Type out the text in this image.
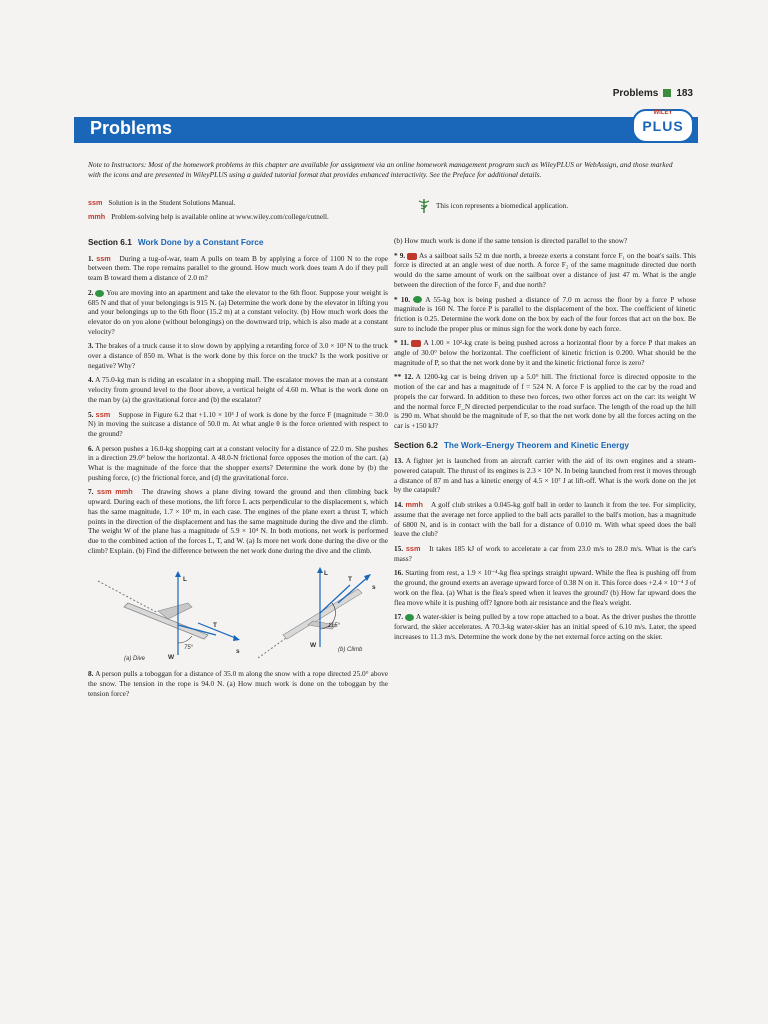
Problems 183
Problems
WILEY
PLUS
Note to Instructors: Most of the homework problems in this chapter are available for assignment via an online homework management program such as WileyPLUS or WebAssign, and those marked with the icons and are presented in WileyPLUS using a guided tutorial format that provides enhanced interactivity. See the Preface for additional details.
ssm Solution is in the Student Solutions Manual.
mmh Problem-solving help is available online at www.wiley.com/college/cutnell.
This icon represents a biomedical application.
Section 6.1 Work Done by a Constant Force
1. ssm During a tug-of-war, team A pulls on team B by applying a force of 1100 N to the rope between them. The rope remains parallel to the ground. How much work does team A do if they pull team B toward them a distance of 2.0 m?
2. You are moving into an apartment and take the elevator to the 6th floor. Suppose your weight is 685 N and that of your belongings is 915 N. (a) Determine the work done by the elevator in lifting you and your belongings up to the 6th floor (15.2 m) at a constant velocity. (b) How much work does the elevator do on you alone (without belongings) on the downward trip, which is also made at a constant velocity?
3. The brakes of a truck cause it to slow down by applying a retarding force of 3.0 × 10³ N to the truck over a distance of 850 m. What is the work done by this force on the truck? Is the work positive or negative? Why?
4. A 75.0-kg man is riding an escalator in a shopping mall. The escalator moves the man at a constant velocity from ground level to the floor above, a vertical height of 4.60 m. What is the work done on the man by (a) the gravitational force and (b) the escalator?
5. ssm Suppose in Figure 6.2 that +1.10 × 10³ J of work is done by the force F (magnitude = 30.0 N) in moving the suitcase a distance of 50.0 m. At what angle θ is the force oriented with respect to the ground?
6. A person pushes a 16.0-kg shopping cart at a constant velocity for a distance of 22.0 m. She pushes in a direction 29.0° below the horizontal. A 48.0-N frictional force opposes the motion of the cart. (a) What is the magnitude of the force that the shopper exerts? Determine the work done by (b) the pushing force, (c) the frictional force, and (d) the gravitational force.
7. ssm mmh The drawing shows a plane diving toward the ground and then climbing back upward. During each of these motions, the lift force L acts perpendicular to the displacement s, which has the same magnitude, 1.7 × 10³ m, in each case. The engines of the plane exert a thrust T, which points in the direction of the displacement and has the same magnitude during the dive and the climb. The weight W of the plane has a magnitude of 5.9 × 10⁴ N. In both motions, net work is performed due to the combined action of the forces L, T, and W. (a) Is more net work done during the dive or the climb? Explain. (b) Find the difference between the net work done during the dive and the climb.
L
T
W
s
75°
(a) Dive
L
T
W
s
115°
(b) Climb
8. A person pulls a toboggan for a distance of 35.0 m along the snow with a rope directed 25.0° above the snow. The tension in the rope is 94.0 N. (a) How much work is done on the toboggan by the tension force?
(b) How much work is done if the same tension is directed parallel to the snow?
* 9. As a sailboat sails 52 m due north, a breeze exerts a constant force F₁ on the boat's sails. This force is directed at an angle west of due north. A force F₂ of the same magnitude directed due north would do the same amount of work on the sailboat over a distance of just 47 m. What is the angle between the direction of the force F₁ and due north?
* 10. A 55-kg box is being pushed a distance of 7.0 m across the floor by a force P whose magnitude is 160 N. The force P is parallel to the displacement of the box. The coefficient of kinetic friction is 0.25. Determine the work done on the box by each of the four forces that act on the box. Be sure to include the proper plus or minus sign for the work done by each force.
* 11. A 1.00 × 10²-kg crate is being pushed across a horizontal floor by a force P that makes an angle of 30.0° below the horizontal. The coefficient of kinetic friction is 0.200. What should be the magnitude of P, so that the net work done by it and the kinetic frictional force is zero?
** 12. A 1200-kg car is being driven up a 5.0° hill. The frictional force is directed opposite to the motion of the car and has a magnitude of f = 524 N. A force F is applied to the car by the road and propels the car forward. In addition to these two forces, two other forces act on the car: its weight W and the normal force F_N directed perpendicular to the road surface. The length of the road up the hill is 290 m. What should be the magnitude of F, so that the net work done by all the forces acting on the car is +150 kJ?
Section 6.2 The Work–Energy Theorem and Kinetic Energy
13. A fighter jet is launched from an aircraft carrier with the aid of its own engines and a steam-powered catapult. The thrust of its engines is 2.3 × 10⁵ N. In being launched from rest it moves through a distance of 87 m and has a kinetic energy of 4.5 × 10⁷ J at lift-off. What is the work done on the jet by the catapult?
14. mmh A golf club strikes a 0.045-kg golf ball in order to launch it from the tee. For simplicity, assume that the average net force applied to the ball acts parallel to the ball's motion, has a magnitude of 6800 N, and is in contact with the ball for a distance of 0.010 m. With what speed does the ball leave the club?
15. ssm It takes 185 kJ of work to accelerate a car from 23.0 m/s to 28.0 m/s. What is the car's mass?
16. Starting from rest, a 1.9 × 10⁻⁴-kg flea springs straight upward. While the flea is pushing off from the ground, the ground exerts an average upward force of 0.38 N on it. This force does +2.4 × 10⁻⁴ J of work on the flea. (a) What is the flea's speed when it leaves the ground? (b) How far upward does the flea move while it is pushing off? Ignore both air resistance and the flea's weight.
17. A water-skier is being pulled by a tow rope attached to a boat. As the driver pushes the throttle forward, the skier accelerates. A 70.3-kg water-skier has an initial speed of 6.10 m/s. Later, the speed increases to 11.3 m/s. Determine the work done by the net external force acting on the skier.
